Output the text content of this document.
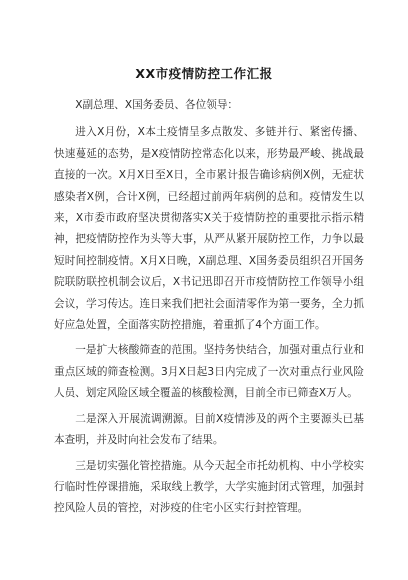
XX市疫情防控工作汇报

X副总理、X国务委员、各位领导：

进入X月份，X本土疫情呈多点散发、多链并行、紧密传播、快速蔓延的态势，是X疫情防控常态化以来，形势最严峻、挑战最直接的一次。X月X日至X日，全市累计报告确诊病例X例，无症状感染者X例，合计X例，已经超过前两年病例的总和。疫情发生以来，X市委市政府坚决贯彻落实X关于疫情防控的重要批示指示精神，把疫情防控作为头等大事，从严从紧开展防控工作，力争以最短时间控制疫情。X月X日晚，X副总理、X国务委员组织召开国务院联防联控机制会议后，X书记迅即召开市疫情防控工作领导小组会议，学习传达。连日来我们把社会面清零作为第一要务，全力抓好应急处置，全面落实防控措施，着重抓了4个方面工作。

一是扩大核酸筛查的范围。坚持务快结合，加强对重点行业和重点区域的筛查检测。3月X日起3日内完成了一次对重点行业风险人员、划定风险区域全覆盖的核酸检测，目前全市已筛查X万人。

二是深入开展流调溯源。目前X疫情涉及的两个主要源头已基本查明，并及时向社会发布了结果。

三是切实强化管控措施。从今天起全市托幼机构、中小学校实行临时性停课措施，采取线上教学，大学实施封闭式管理，加强封控风险人员的管控，对涉疫的住宅小区实行封控管理。
